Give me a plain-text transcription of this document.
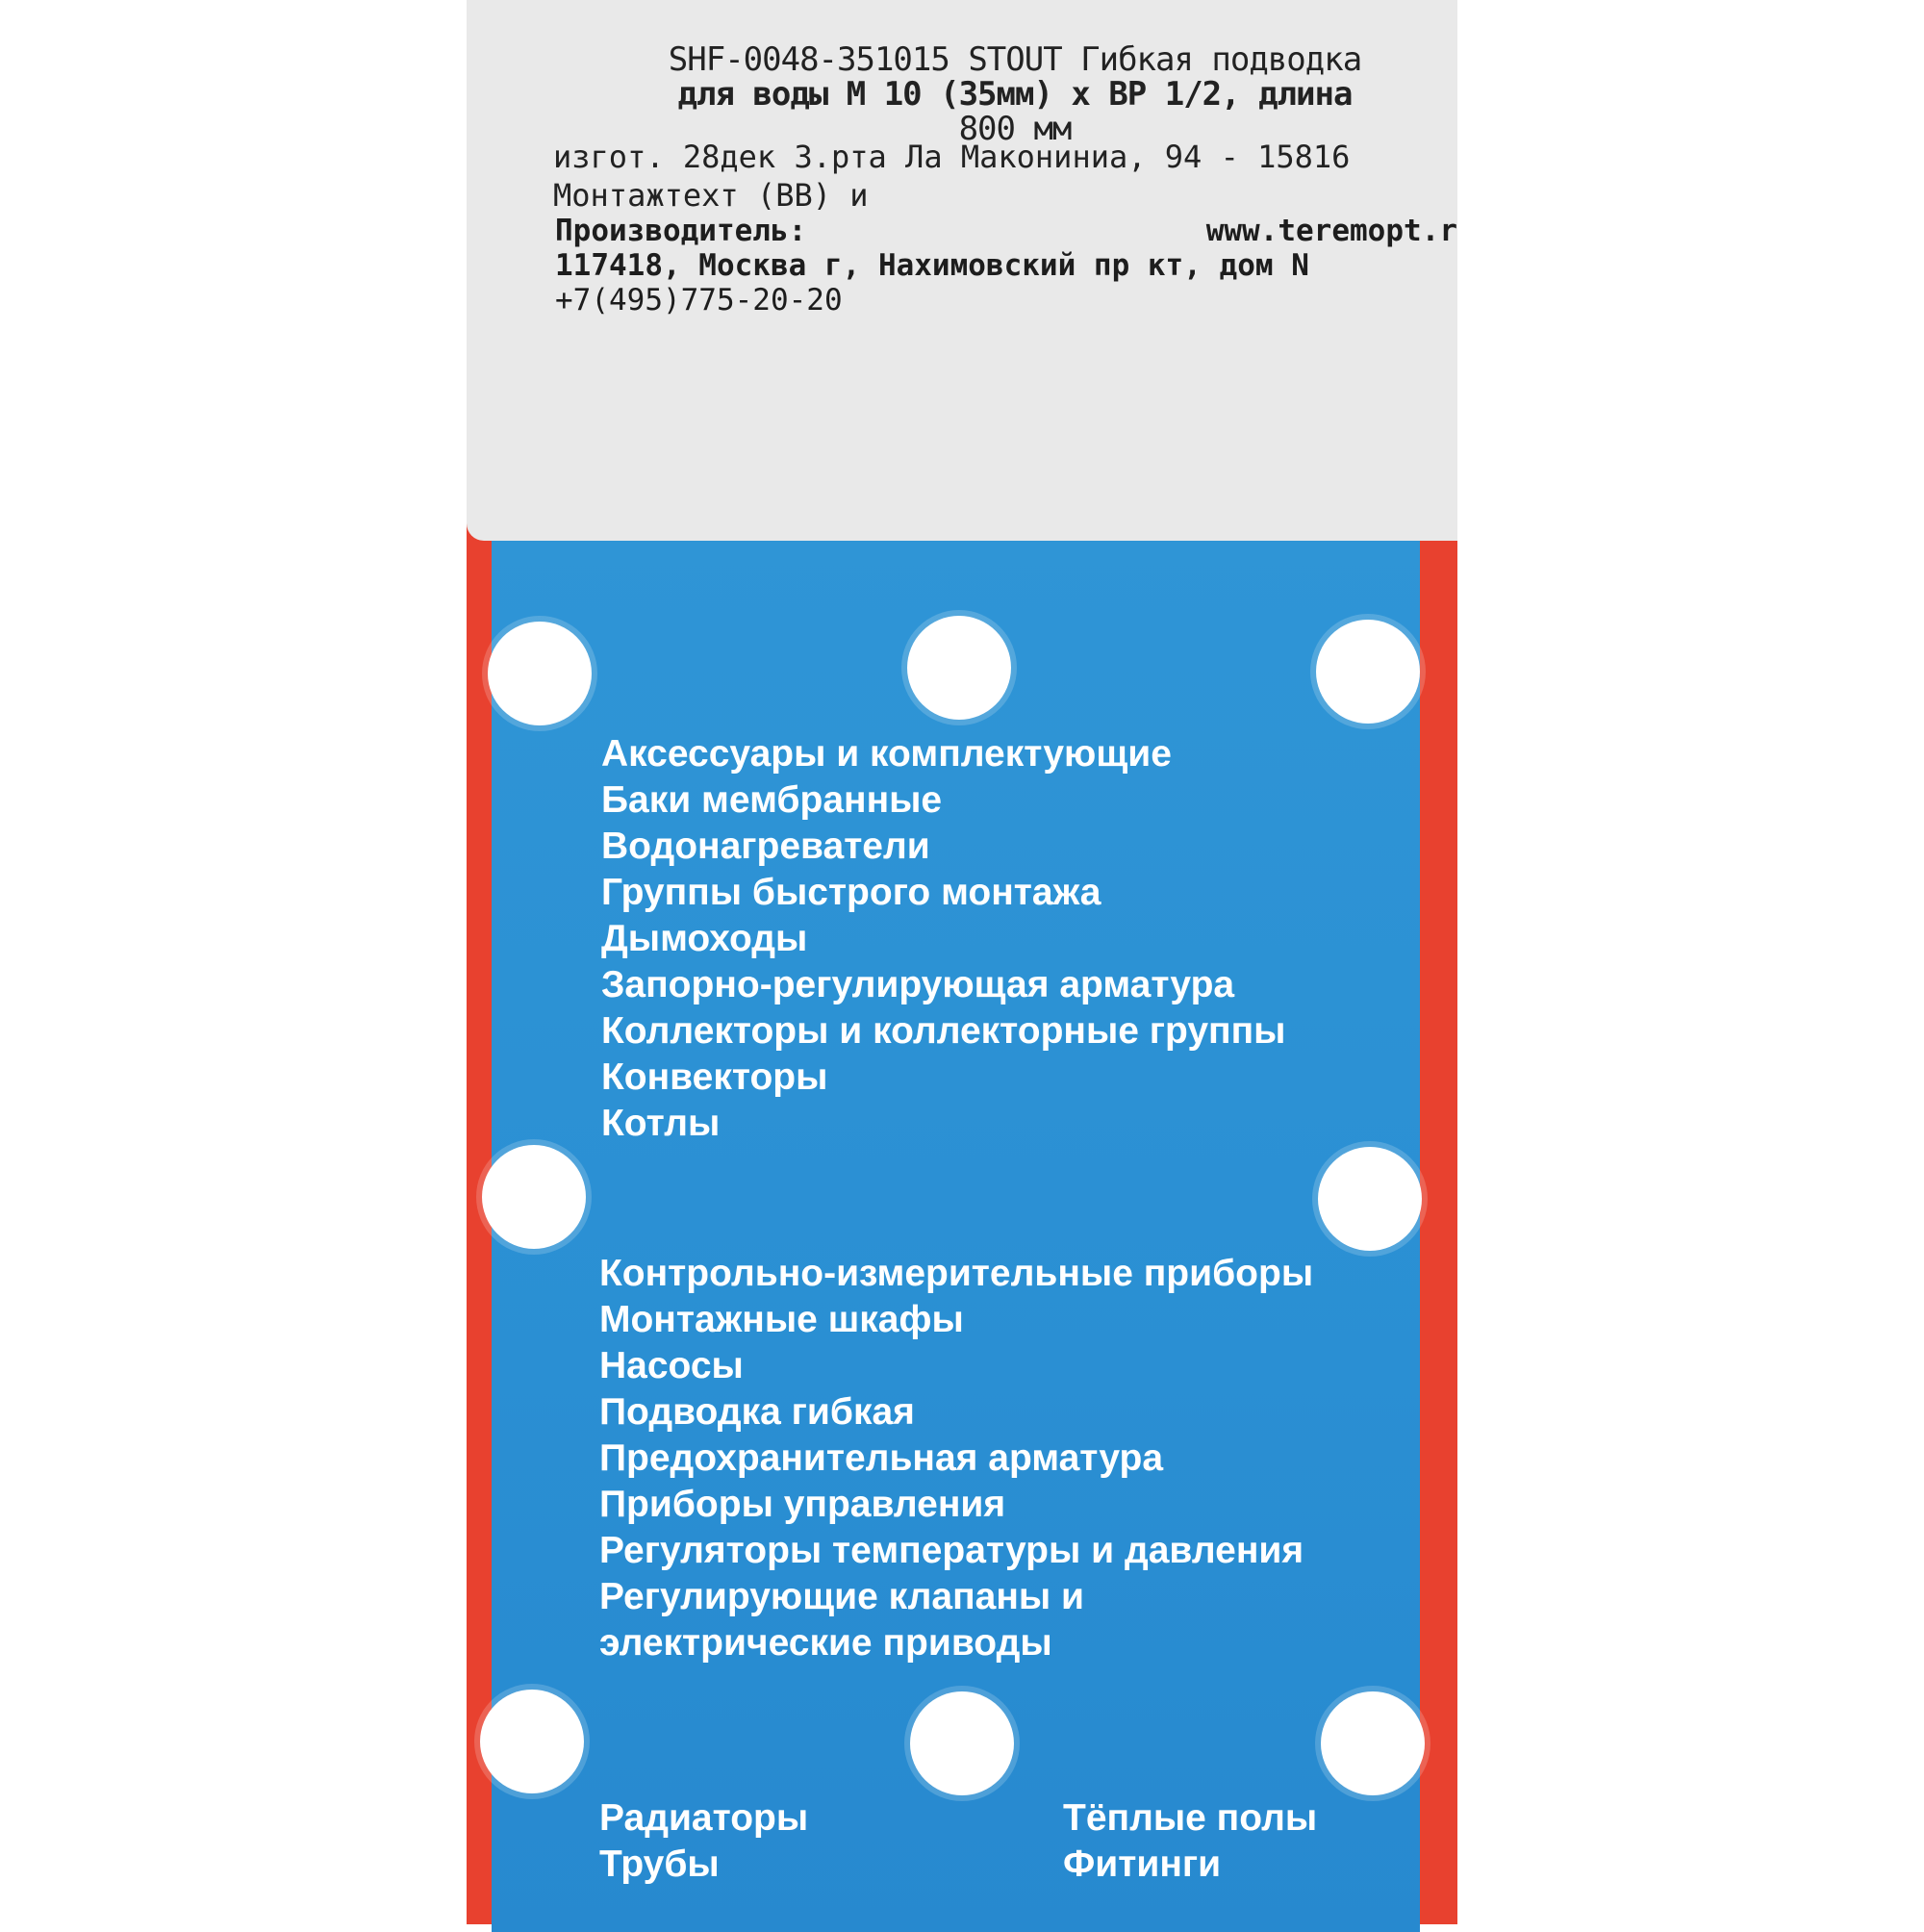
SHF-0048-351015 STOUT Гибкая подводка
для воды M 10 (35мм) x BP 1/2, длина
800 мм
изгот. 28дек 3.рта Ла Макониниа, 94 - 15816
Монтажтехт (ВВ) и
Производитель:	www.teremopt.r
117418, Москва г, Нахимовский пр кт, дом N
+7(495)775-20-20
Аксессуары и комплектующие
Баки мембранные
Водонагреватели
Группы быстрого монтажа
Дымоходы
Запорно-регулирующая арматура
Коллекторы и коллекторные группы
Конвекторы
Котлы
Контрольно-измерительные приборы
Монтажные шкафы
Насосы
Подводка гибкая
Предохранительная арматура
Приборы управления
Регуляторы температуры и давления
Регулирующие клапаны и
электрические приводы
Радиаторы
Трубы
Тёплые полы
Фитинги
